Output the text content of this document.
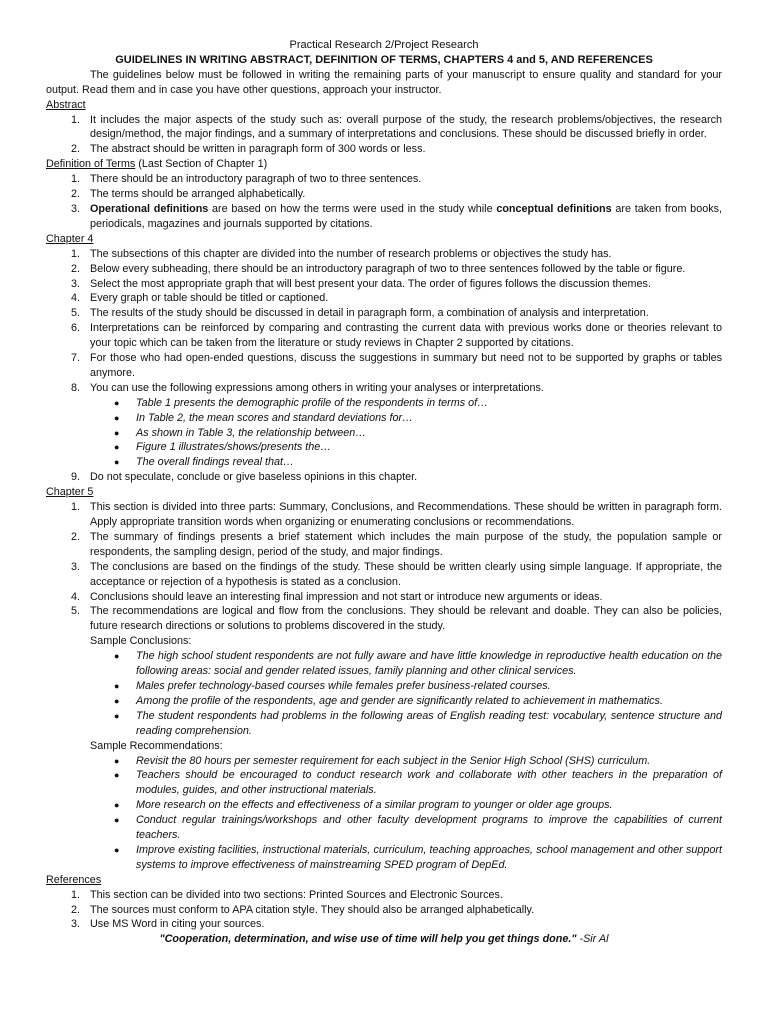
Practical Research 2/Project Research
GUIDELINES IN WRITING ABSTRACT, DEFINITION OF TERMS, CHAPTERS 4 and 5, AND REFERENCES
The guidelines below must be followed in writing the remaining parts of your manuscript to ensure quality and standard for your output. Read them and in case you have other questions, approach your instructor.
Abstract
1. It includes the major aspects of the study such as: overall purpose of the study, the research problems/objectives, the research design/method, the major findings, and a summary of interpretations and conclusions. These should be discussed briefly in order.
2. The abstract should be written in paragraph form of 300 words or less.
Definition of Terms (Last Section of Chapter 1)
1. There should be an introductory paragraph of two to three sentences.
2. The terms should be arranged alphabetically.
3. Operational definitions are based on how the terms were used in the study while conceptual definitions are taken from books, periodicals, magazines and journals supported by citations.
Chapter 4
1. The subsections of this chapter are divided into the number of research problems or objectives the study has.
2. Below every subheading, there should be an introductory paragraph of two to three sentences followed by the table or figure.
3. Select the most appropriate graph that will best present your data. The order of figures follows the discussion themes.
4. Every graph or table should be titled or captioned.
5. The results of the study should be discussed in detail in paragraph form, a combination of analysis and interpretation.
6. Interpretations can be reinforced by comparing and contrasting the current data with previous works done or theories relevant to your topic which can be taken from the literature or study reviews in Chapter 2 supported by citations.
7. For those who had open-ended questions, discuss the suggestions in summary but need not to be supported by graphs or tables anymore.
8. You can use the following expressions among others in writing your analyses or interpretations.
●	Table 1 presents the demographic profile of the respondents in terms of…
●	In Table 2, the mean scores and standard deviations for…
●	As shown in Table 3, the relationship between…
●	Figure 1 illustrates/shows/presents the…
●	The overall findings reveal that…
9. Do not speculate, conclude or give baseless opinions in this chapter.
Chapter 5
1. This section is divided into three parts: Summary, Conclusions, and Recommendations. These should be written in paragraph form. Apply appropriate transition words when organizing or enumerating conclusions or recommendations.
2. The summary of findings presents a brief statement which includes the main purpose of the study, the population sample or respondents, the sampling design, period of the study, and major findings.
3. The conclusions are based on the findings of the study. These should be written clearly using simple language. If appropriate, the acceptance or rejection of a hypothesis is stated as a conclusion.
4. Conclusions should leave an interesting final impression and not start or introduce new arguments or ideas.
5. The recommendations are logical and flow from the conclusions. They should be relevant and doable. They can also be policies, future research directions or solutions to problems discovered in the study.
Sample Conclusions:
●	The high school student respondents are not fully aware and have little knowledge in reproductive health education on the following areas: social and gender related issues, family planning and other clinical services.
●	Males prefer technology-based courses while females prefer business-related courses.
●	Among the profile of the respondents, age and gender are significantly related to achievement in mathematics.
●	The student respondents had problems in the following areas of English reading test: vocabulary, sentence structure and reading comprehension.
Sample Recommendations:
●	Revisit the 80 hours per semester requirement for each subject in the Senior High School (SHS) curriculum.
●	Teachers should be encouraged to conduct research work and collaborate with other teachers in the preparation of modules, guides, and other instructional materials.
●	More research on the effects and effectiveness of a similar program to younger or older age groups.
●	Conduct regular trainings/workshops and other faculty development programs to improve the capabilities of current teachers.
●	Improve existing facilities, instructional materials, curriculum, teaching approaches, school management and other support systems to improve effectiveness of mainstreaming SPED program of DepEd.
References
1. This section can be divided into two sections: Printed Sources and Electronic Sources.
2. The sources must conform to APA citation style. They should also be arranged alphabetically.
3. Use MS Word in citing your sources.
"Cooperation, determination, and wise use of time will help you get things done." -Sir Al
